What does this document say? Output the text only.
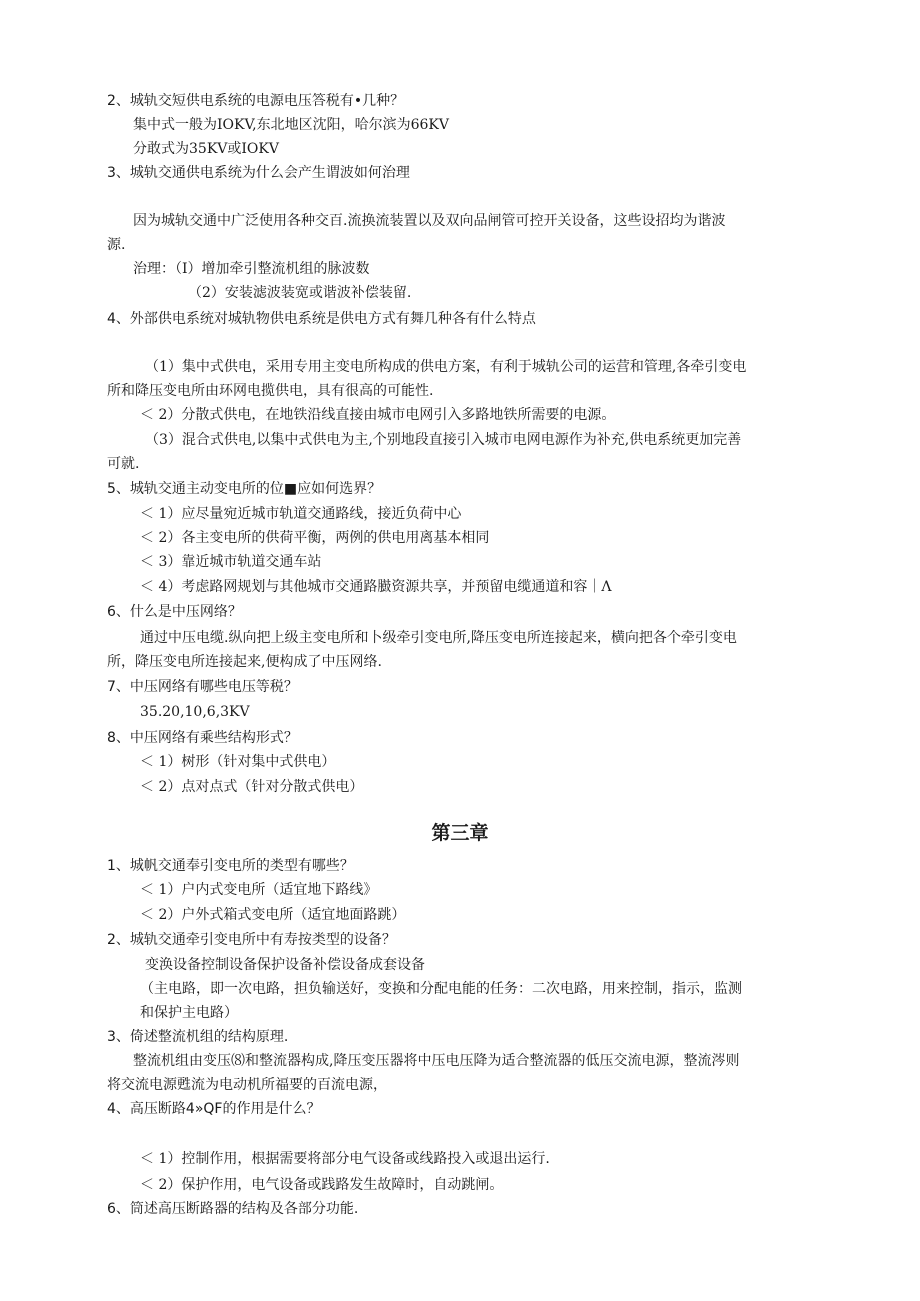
2、城轨交短供电系统的电源电压答税有•几种？
集中式一般为IOKV,东北地区沈阳，哈尔滨为66KV
分敢式为35KV或IOKV
3、城轨交通供电系统为什么会产生谓波如何治理
因为城轨交通中广泛使用各种交百.流换流装置以及双向品闸管可控开关设备，这些设招均为谐波
源.
治理：（I）增加牵引整流机组的脉波数
（2）安装滤波装宽或谐波补偿装留.
4、外部供电系统对城轨物供电系统是供电方式有舞几种各有什么特点
（1）集中式供电，采用专用主变电所构成的供电方案，有利于城轨公司的运营和管理,各牵引变电
所和降压变电所由环网电揽供电，具有很高的可能性.
＜ 2）分散式供电，在地铁沿线直接由城市电网引入多路地铁所需要的电源。
（3）混合式供电,以集中式供电为主,个别地段直接引入城市电网电源作为补充,供电系统更加完善
可就.
5、城轨交通主动变电所的位■应如何选界？
＜ 1）应尽量宛近城市轨道交通路线，接近负荷中心
＜ 2）各主变电所的供荷平衡，两例的供电用离基本相同
＜ 3）靠近城市轨道交通车站
＜ 4）考虑路网规划与其他城市交通路臌资源共享，并预留电缆通道和容｜Λ
6、什么是中压网络？
通过中压电缆.纵向把上级主变电所和卜级牵引变电所,降压变电所连接起来，横向把各个牵引变电
所，降压变电所连接起来,便构成了中压网络.
7、中压网络有哪些电压等税？
35.20,10,6,3KV
8、中压网络有乘些结构形式？
＜ 1）树形（针对集中式供电）
＜ 2）点对点式（针对分散式供电）
第三章
1、城帆交通奉引变电所的类型有哪些？
＜ 1）户内式变电所（适宜地下路线》
＜ 2）户外式箱式变电所（适宜地面路跳）
2、城轨交通牵引变电所中有寿按类型的设备？
变涣设备控制设备保护设备补偿设备成套设备
（主电路，即一次电路，担负输送好，变换和分配电能的任务：二次电路，用来控制，指示，监测
和保护主电路）
3、倚述整流机组的结构原理.
整流机组由变压⑻和整流器构成,降压变压器将中压电压降为适合整流器的低压交流电源，整流涔则
将交流电源甦流为电动机所福要的百流电源，
4、高压断路4»QF的作用是什么？
＜ 1）控制作用，根据需要将部分电气设备或线路投入或退出运行.
＜ 2）保护作用，电气设备或践路发生故障时，自动跳闸。
6、筒述高压断路器的结构及各部分功能.
